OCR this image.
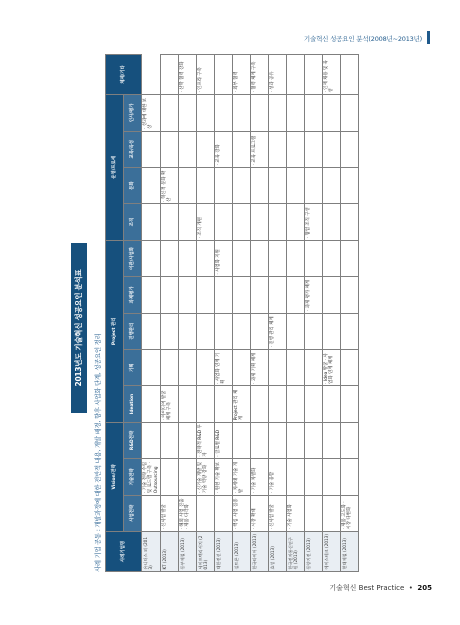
기술혁신 성공요인 분석(2008년~2013년)
2013년도 기술혁신 성공요인 분석표
사례 기업 공통 : 개발과정에 대한 전반적 내용, 개발 배경, 향후 사업화 단계, 성공요인 정리	사례기업명	Vision/전략			Project 관리					운영/프로세				체제/기타
	사업전략	기술전략	R&D전략	Ideation	기획	진행관리	과제평가	이관/사업화	조직	문화	교육/육성	인사/평가	
유니더스 외 (2013)		· 기술 전략 수립 및 로드맵 구축 · Outsourcing										· 성과에 대한 보상	
KT (2013)	· 신사업 발굴			· 아이디어 발굴 체계 구축						· 혁신적 문화 확산			
동부제철 (2013)	· 해외 사업 진출 · 제품 다각화												· 산학 협력 강화
세이프텍리서치 (2013)		· 신기술 개발 및 기술 역량 강화	· 전략적 R&D 투자						· 조직 개편				· 인프라 구축
대한전선 (2013)		· 원천 기술 확보	· 글로벌 R&D		· 사업화 연계 기획			· 사업화 지원			· 교육 강화		
실트론 (2013)	· 핵심 사업 집중	· 차세대 기술 개발		Project 관리 체계									· 외부 협력
한국타이어 (2013)	· 시장 확대	· 기술 차별화			· 과제 기획 체계						· 교육 프로그램		· 협력 체계 구축
효성 (2013)	· 신사업 발굴	· 기술 융합				· 진행 관리 체계							· 성과 공유
한국전자통신연구원 (2013)	· 기술 사업화												
동양기전 (2013)							· 과제 평가 체계		· 협업 조직 구성				
에이스테크 (2013)					· Idea 발굴 · 사업화 연계 체계								· 인재 채용 및 육성
현대제철 (2013)	· 제품 고도화 · 시장 다변화												
기술혁신 Best Practice  •  205
